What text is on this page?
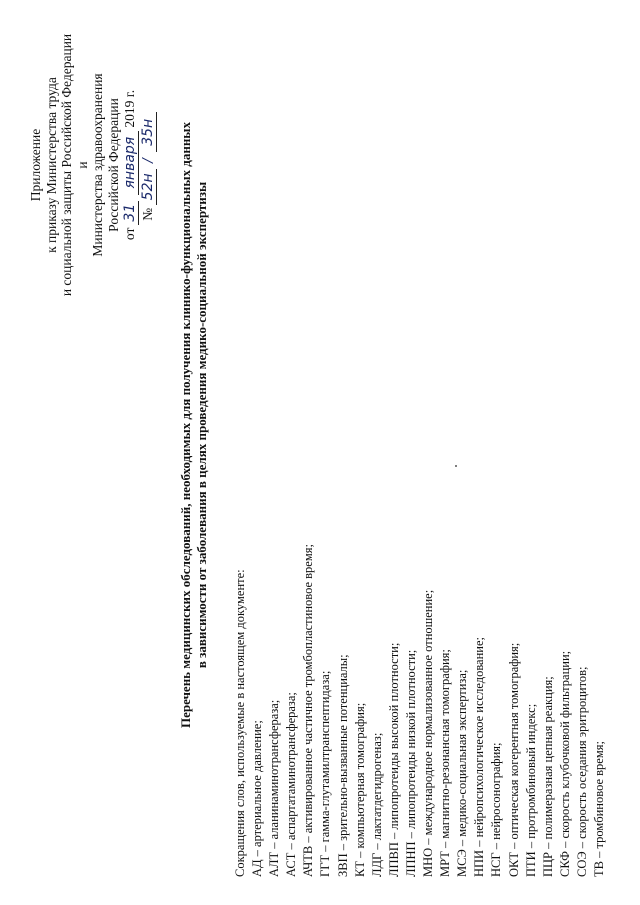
Приложение к приказу Министерства труда и социальной защиты Российской Федерации и Министерства здравоохранения Российской Федерации
от
31
января
2019 г.
№
52н
/
35н Перечень медицинских обследований, необходимых для получения клинико-функциональных данных в зависимости от заболевания в целях проведения медико-социальной экспертизы
Сокращения слов, используемые в настоящем документе: АД – артериальное давление; АЛТ – аланинаминотрансфераза; АСТ – аспартатаминотрансфераза; АЧТВ – активированное частичное тромбопластиновое время; ГГТ – гамма-глутамилтранспептидаза; ЗВП – зрительно-вызванные потенциалы; КТ – компьютерная томография; ЛДГ – лактатдегидрогеназ; ЛПВП – липопротеиды высокой плотности; ЛПНП – липопротеиды низкой плотности; МНО – международное нормализованное отношение; МРТ – магнитно-резонансная томография; МСЭ – медико-социальная экспертиза; НПИ – нейропсихологическое исследование; НСГ – нейросонография; ОКТ – оптическая когерентная томография; ПТИ – протромбиновый индекс; ПЦР – полимеразная цепная реакция; СКФ – скорость клубочковой фильтрации; СОЭ – скорость оседания эритроцитов; ТВ – тромбиновое время;
